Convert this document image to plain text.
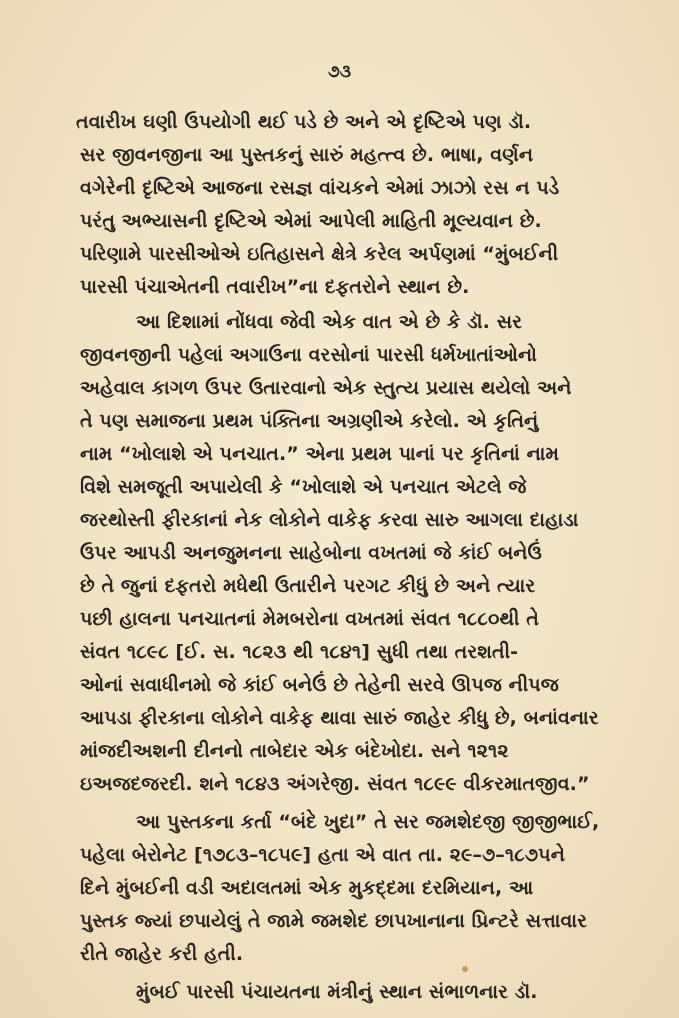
૭૩
તવારીખ ઘણી ઉપયોગી થઈ પડે છે અને એ દૃષ્ટિએ પણ ડૉ.
સર જીવનજીના આ પુસ્તકનું સારું મહત્ત્વ છે. ભાષા, વર્ણન
વગેરેની દૃષ્ટિએ આજના રસજ્ઞ વાંચકને એમાં ઝાઝો રસ ન પડે
પરંતુ અભ્યાસની દૃષ્ટિએ એમાં આપેલી માહિતી મૂલ્યવાન છે.
પરિણામે પારસીઓએ ઇતિહાસને ક્ષેત્રે કરેલ અર્પણમાં “મુંબઈની
પારસી પંચાએતની તવારીખ”ના દફતરોને સ્થાન છે.
આ દિશામાં નોંધવા જેવી એક વાત એ છે કે ડૉ. સર
જીવનજીની પહેલાં અગાઉના વરસોનાં પારસી ધર્મખાતાંઓનો
અહેવાલ કાગળ ઉપર ઉતારવાનો એક સ્તુત્ય પ્રયાસ થયેલો અને
તે પણ સમાજના પ્રથમ પંક્તિના અગ્રણીએ કરેલો. એ કૃતિનું
નામ “ખોલાશે એ પનચાત.” એના પ્રથમ પાનાં પર કૃતિનાં નામ
વિશે સમજૂતી અપાયેલી કે “ખોલાશે એ પનચાત એટલે જે
જરથોસ્તી ફીરકાનાં નેક લોકોને વાકેફ કરવા સારુ આગલા દાહાડા
ઉપર આપડી અનજુમનના સાહેબોના વખતમાં જે કાંઈ બનેઉં
છે તે જુનાં દફતરો મધેથી ઉતારીને પરગટ કીધું છે અને ત્યાર
પછી હાલના પનચાતનાં મેમબરોના વખતમાં સંવત ૧૮૮૦થી તે
સંવત ૧૮૯૮ [ઈ. સ. ૧૮૨૩ થી ૧૮૪૧] સુધી તથા તરશતી-
ઓનાં સવાધીનમો જે કાંઈ બનેઉં છે તેહેની સરવે ઊપજ નીપજ
આપડા ફીરકાના લોકોને વાકેફ થાવા સારું જાહેર કીધુ છે, બનાંવનાર
માંજદીઅશની દીનનો તાબેદાર એક બંદેખોદા. સને ૧૨૧૨
ઇઅજદજરદી. શને ૧૮૪૩ અંગરેજી. સંવત ૧૮૯૯ વીકરમાતજીવ.”
આ પુસ્તકના કર્તા “બંદે ખુદા” તે સર જમશેદજી જીજીભાઈ,
પહેલા બેરોનેટ [૧૭૮૩–૧૮૫૯] હતા એ વાત તા. ૨૯–૭–૧૮૭૫ને
દિને મુંબઈની વડી અદાલતમાં એક મુકદ્દમા દરમિયાન, આ
પુસ્તક જ્યાં છપાયેલું તે જામે જમશેદ છાપખાનાના પ્રિન્ટરે સત્તાવાર
રીતે જાહેર કરી હતી.
મુંબઈ પારસી પંચાયતના મંત્રીનું સ્થાન સંભાળનાર ડૉ.
